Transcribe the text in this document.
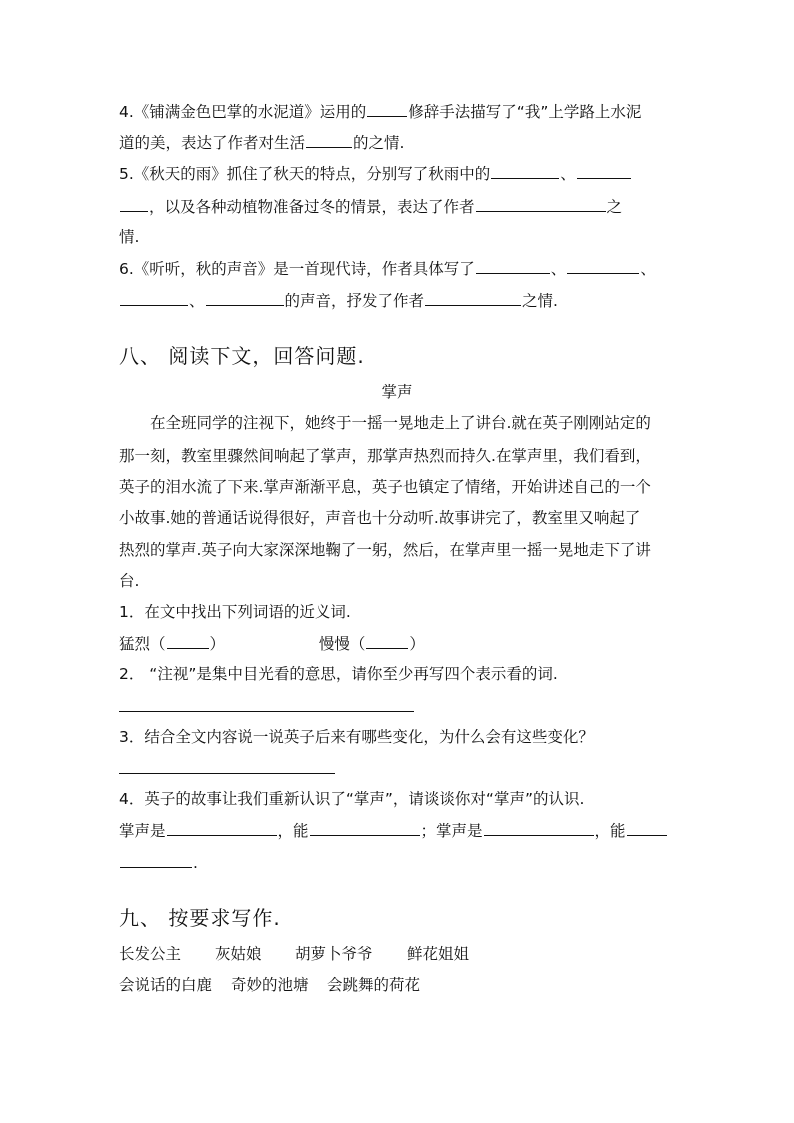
4.《铺满金色巴掌的水泥道》运用的	修辞手法描写了“我”上学路上水泥
道的美，表达了作者对生活	的之情.
5.《秋天的雨》抓住了秋天的特点，分别写了秋雨中的	、
，以及各种动植物准备过冬的情景，表达了作者	之
情.
6.《听听，秋的声音》是一首现代诗，作者具体写了	、	、
、	的声音，抒发了作者	之情.
八、 阅读下文，回答问题.
掌声
在全班同学的注视下，她终于一摇一晃地走上了讲台.就在英子刚刚站定的
那一刻，教室里骤然间响起了掌声，那掌声热烈而持久.在掌声里，我们看到，
英子的泪水流了下来.掌声渐渐平息，英子也镇定了情绪，开始讲述自己的一个
小故事.她的普通话说得很好，声音也十分动听.故事讲完了，教室里又响起了
热烈的掌声.英子向大家深深地鞠了一躬，然后，在掌声里一摇一晃地走下了讲
台.
1．在文中找出下列词语的近义词.
猛烈（	）	慢慢（	）
2． “注视”是集中目光看的意思，请你至少再写四个表示看的词.
3．结合全文内容说一说英子后来有哪些变化，为什么会有这些变化？
4．英子的故事让我们重新认识了“掌声”，请谈谈你对“掌声”的认识.
掌声是	，能	；掌声是	，能
.
九、 按要求写作.
长发公主 灰姑娘 胡萝卜爷爷 鲜花姐姐
会说话的白鹿 奇妙的池塘 会跳舞的荷花
